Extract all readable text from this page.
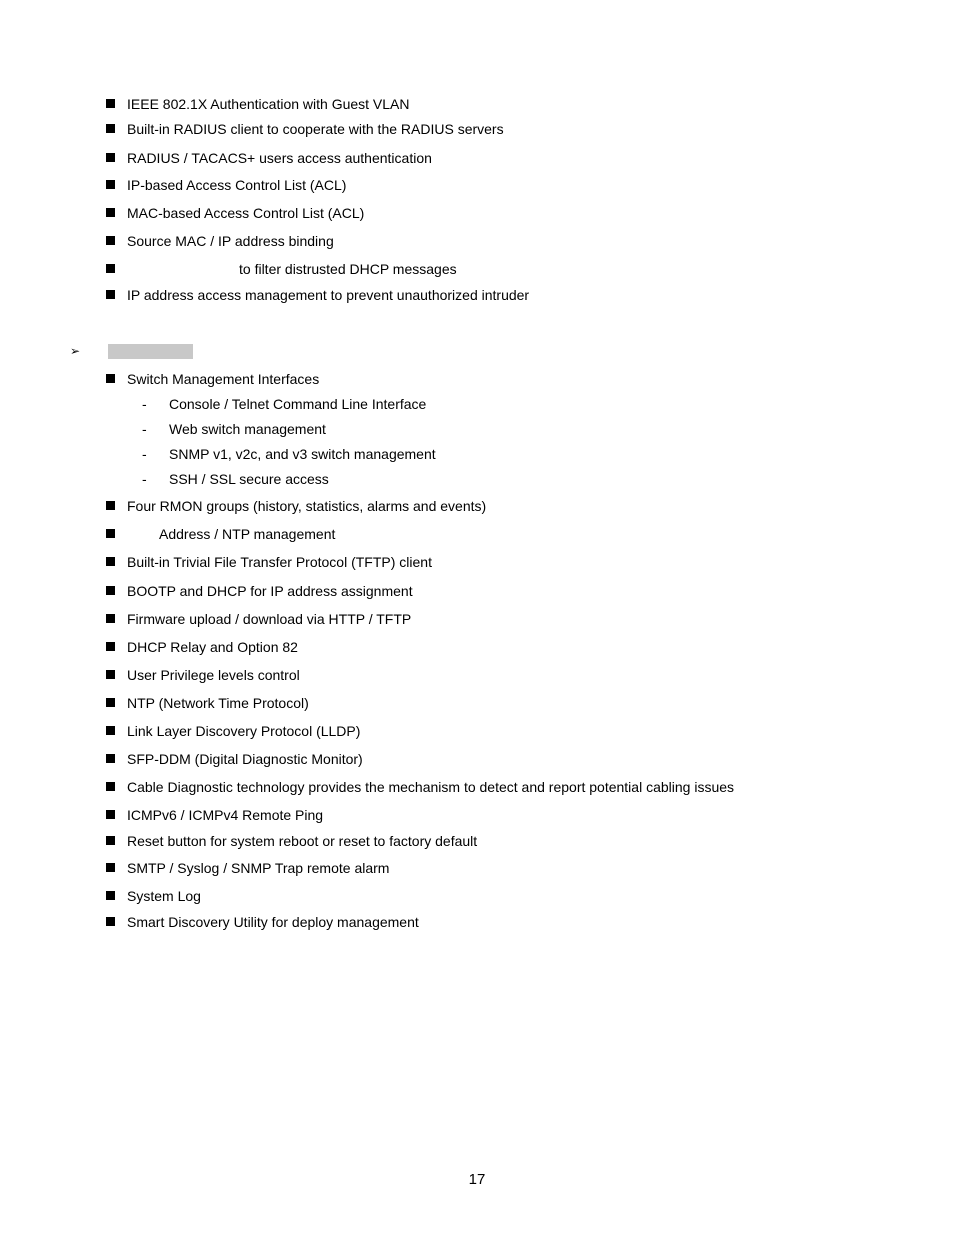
IEEE 802.1X Authentication with Guest VLAN
Built-in RADIUS client to cooperate with the RADIUS servers
RADIUS / TACACS+ users access authentication
IP-based Access Control List (ACL)
MAC-based Access Control List (ACL)
Source MAC / IP address binding
to filter distrusted DHCP messages
IP address access management to prevent unauthorized intruder
➢
Switch Management Interfaces
- Console / Telnet Command Line Interface
- Web switch management
- SNMP v1, v2c, and v3 switch management
- SSH / SSL secure access
Four RMON groups (history, statistics, alarms and events)
Address / NTP management
Built-in Trivial File Transfer Protocol (TFTP) client
BOOTP and DHCP for IP address assignment
Firmware upload / download via HTTP / TFTP
DHCP Relay and Option 82
User Privilege levels control
NTP (Network Time Protocol)
Link Layer Discovery Protocol (LLDP)
SFP-DDM (Digital Diagnostic Monitor)
Cable Diagnostic technology provides the mechanism to detect and report potential cabling issues
ICMPv6 / ICMPv4 Remote Ping
Reset button for system reboot or reset to factory default
SMTP / Syslog / SNMP Trap remote alarm
System Log
Smart Discovery Utility for deploy management
17
